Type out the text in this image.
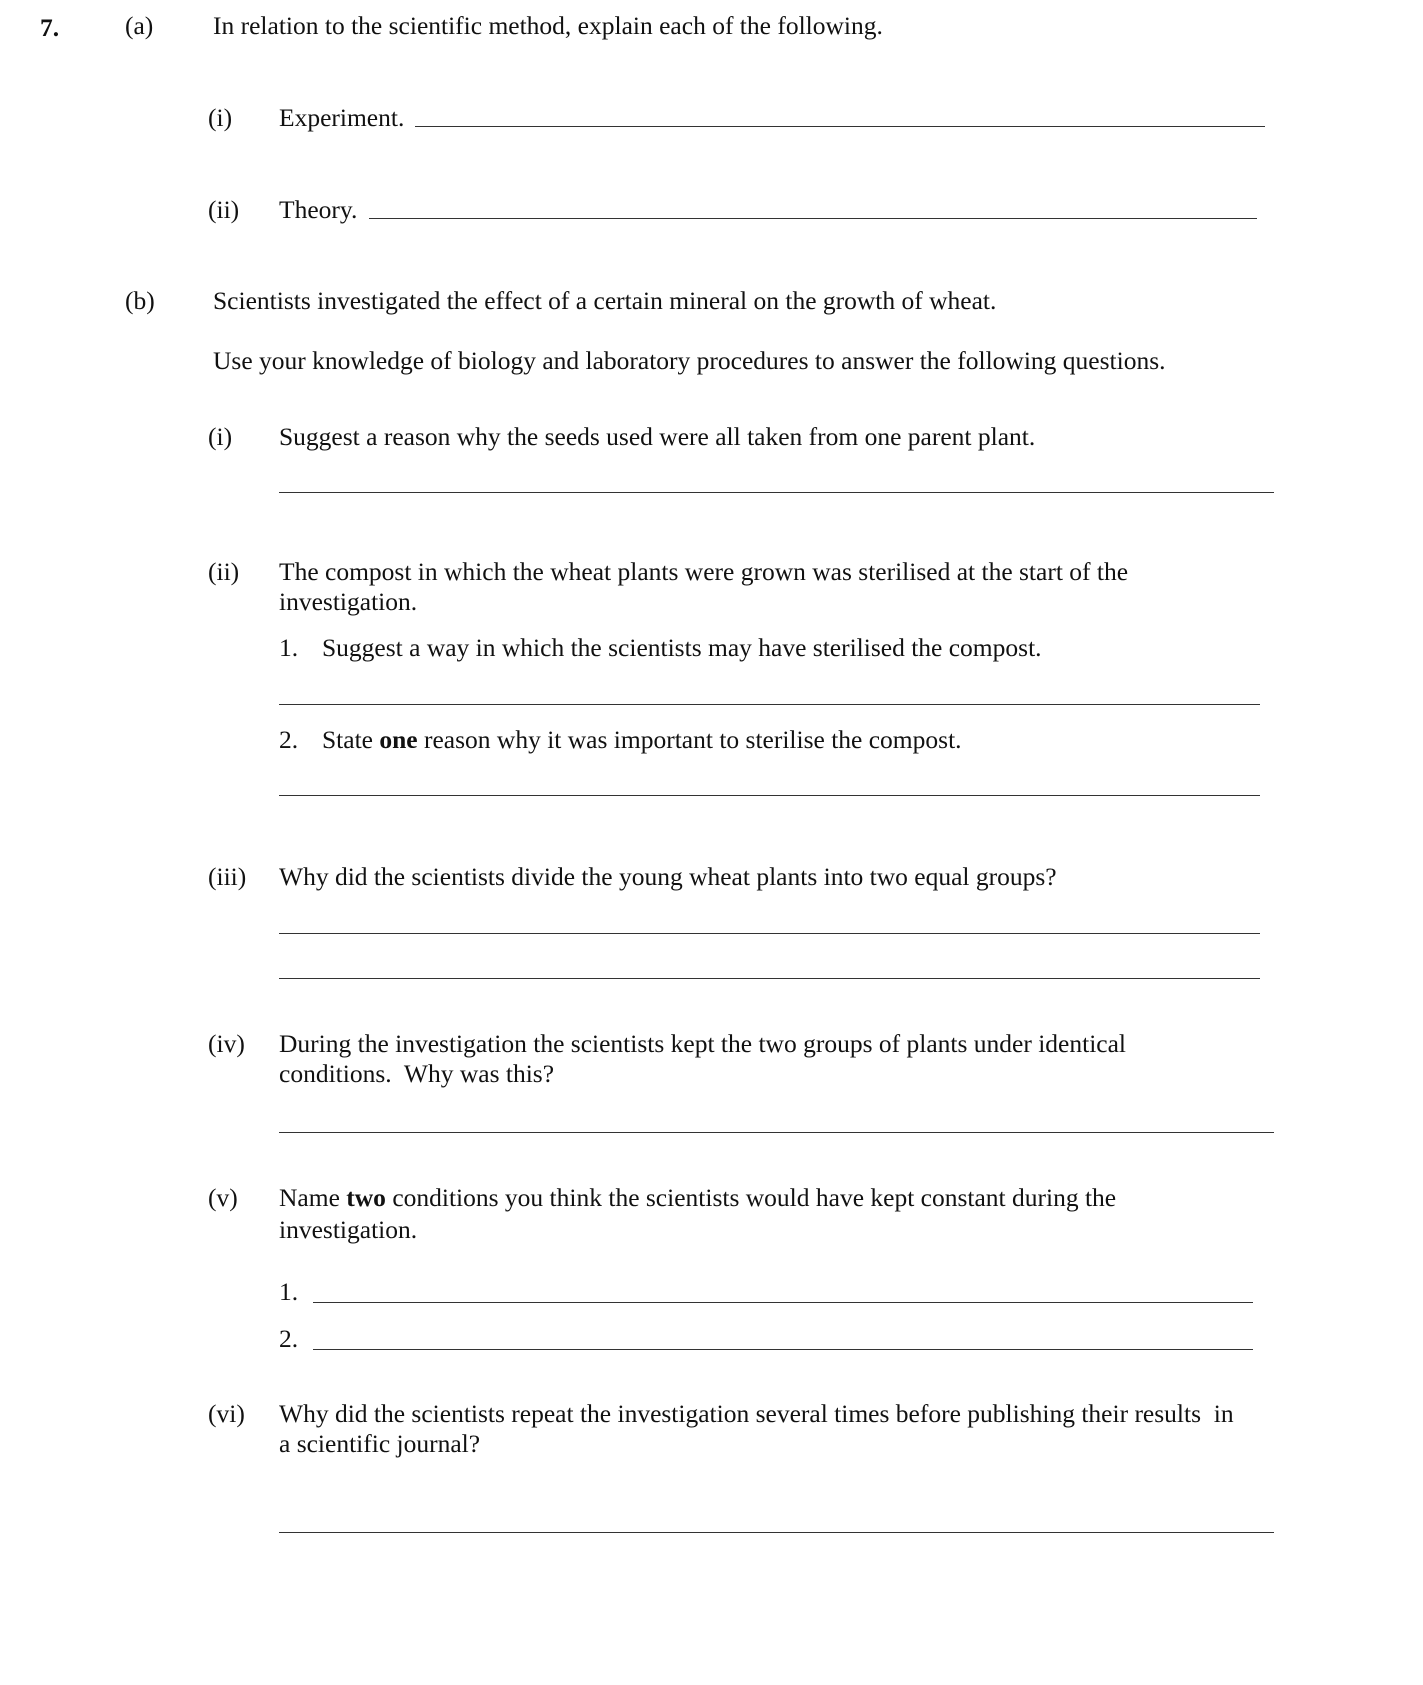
7.	(a) In relation to the scientific method, explain each of the following.
(i) Experiment.
(ii) Theory.
(b) Scientists investigated the effect of a certain mineral on the growth of wheat.
Use your knowledge of biology and laboratory procedures to answer the following questions.
(i) Suggest a reason why the seeds used were all taken from one parent plant.
(ii) The compost in which the wheat plants were grown was sterilised at the start of the
investigation.
1. Suggest a way in which the scientists may have sterilised the compost.
2. State one reason why it was important to sterilise the compost.
(iii) Why did the scientists divide the young wheat plants into two equal groups?
(iv) During the investigation the scientists kept the two groups of plants under identical
conditions.  Why was this?
(v) Name two conditions you think the scientists would have kept constant during the
investigation.
1.
2.
(vi) Why did the scientists repeat the investigation several times before publishing their results  in
a scientific journal?
